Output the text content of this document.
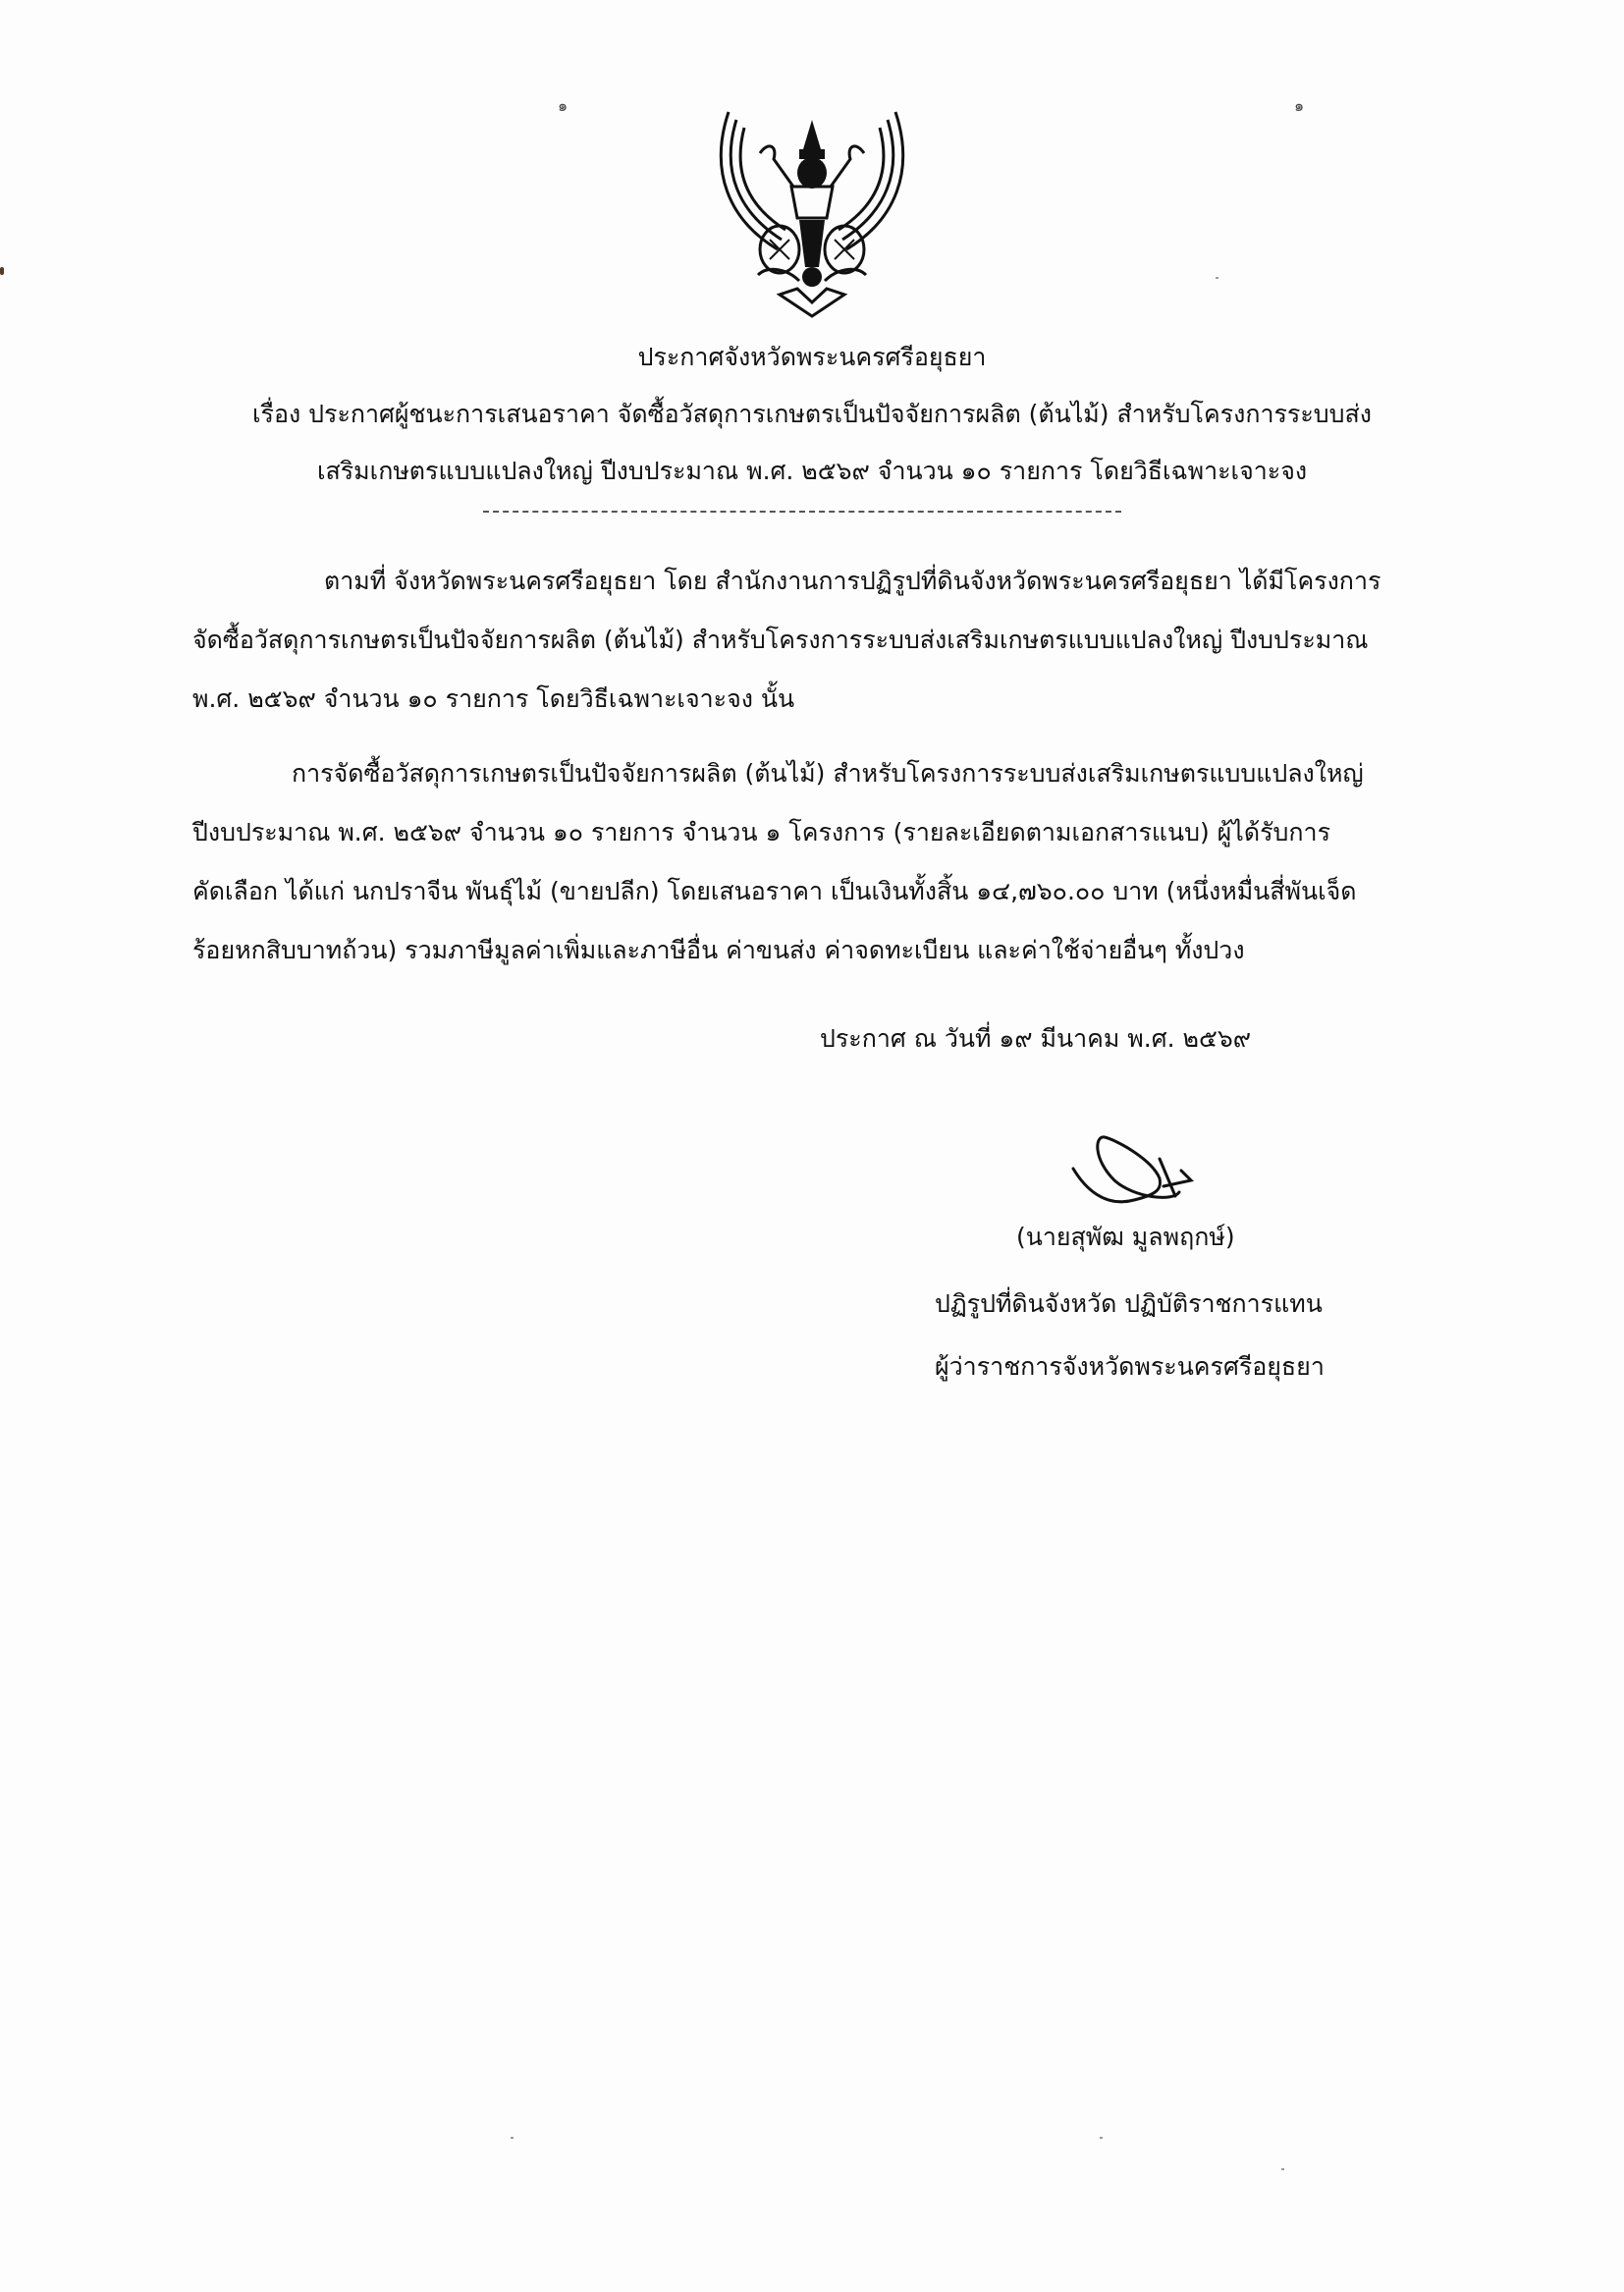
๑	๑
ประกาศจังหวัดพระนครศรีอยุธยา
เรื่อง ประกาศผู้ชนะการเสนอราคา จัดซื้อวัสดุการเกษตรเป็นปัจจัยการผลิต (ต้นไม้) สำหรับโครงการระบบส่ง
เสริมเกษตรแบบแปลงใหญ่ ปีงบประมาณ พ.ศ. ๒๕๖๙ จำนวน ๑๐ รายการ โดยวิธีเฉพาะเจาะจง
ตามที่ จังหวัดพระนครศรีอยุธยา โดย สำนักงานการปฏิรูปที่ดินจังหวัดพระนครศรีอยุธยา ได้มีโครงการ
จัดซื้อวัสดุการเกษตรเป็นปัจจัยการผลิต (ต้นไม้) สำหรับโครงการระบบส่งเสริมเกษตรแบบแปลงใหญ่ ปีงบประมาณ
พ.ศ. ๒๕๖๙ จำนวน ๑๐ รายการ โดยวิธีเฉพาะเจาะจง นั้น
การจัดซื้อวัสดุการเกษตรเป็นปัจจัยการผลิต (ต้นไม้) สำหรับโครงการระบบส่งเสริมเกษตรแบบแปลงใหญ่
ปีงบประมาณ พ.ศ. ๒๕๖๙ จำนวน ๑๐ รายการ จำนวน ๑ โครงการ (รายละเอียดตามเอกสารแนบ) ผู้ได้รับการ
คัดเลือก ได้แก่ นกปราจีน พันธุ์ไม้ (ขายปลีก) โดยเสนอราคา เป็นเงินทั้งสิ้น ๑๔,๗๖๐.๐๐ บาท (หนึ่งหมื่นสี่พันเจ็ด
ร้อยหกสิบบาทถ้วน) รวมภาษีมูลค่าเพิ่มและภาษีอื่น ค่าขนส่ง ค่าจดทะเบียน และค่าใช้จ่ายอื่นๆ ทั้งปวง
ประกาศ ณ วันที่ ๑๙ มีนาคม พ.ศ. ๒๕๖๙
(นายสุพัฒ มูลพฤกษ์)
ปฏิรูปที่ดินจังหวัด ปฏิบัติราชการแทน
ผู้ว่าราชการจังหวัดพระนครศรีอยุธยา
